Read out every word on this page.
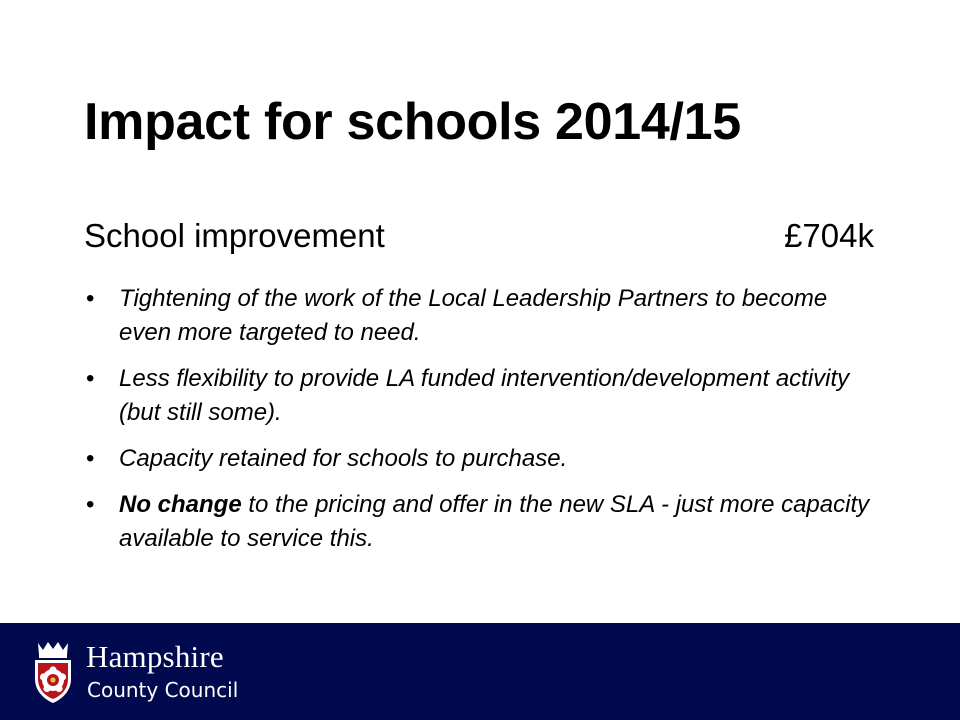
Impact for schools 2014/15
School improvement	£704k
• Tightening of the work of the Local Leadership Partners to become even more targeted to need.
• Less flexibility to provide LA funded intervention/development activity (but still some).
• Capacity retained for schools to purchase.
• No change to the pricing and offer in the new SLA - just more capacity available to service this.
Hampshire
County Council
